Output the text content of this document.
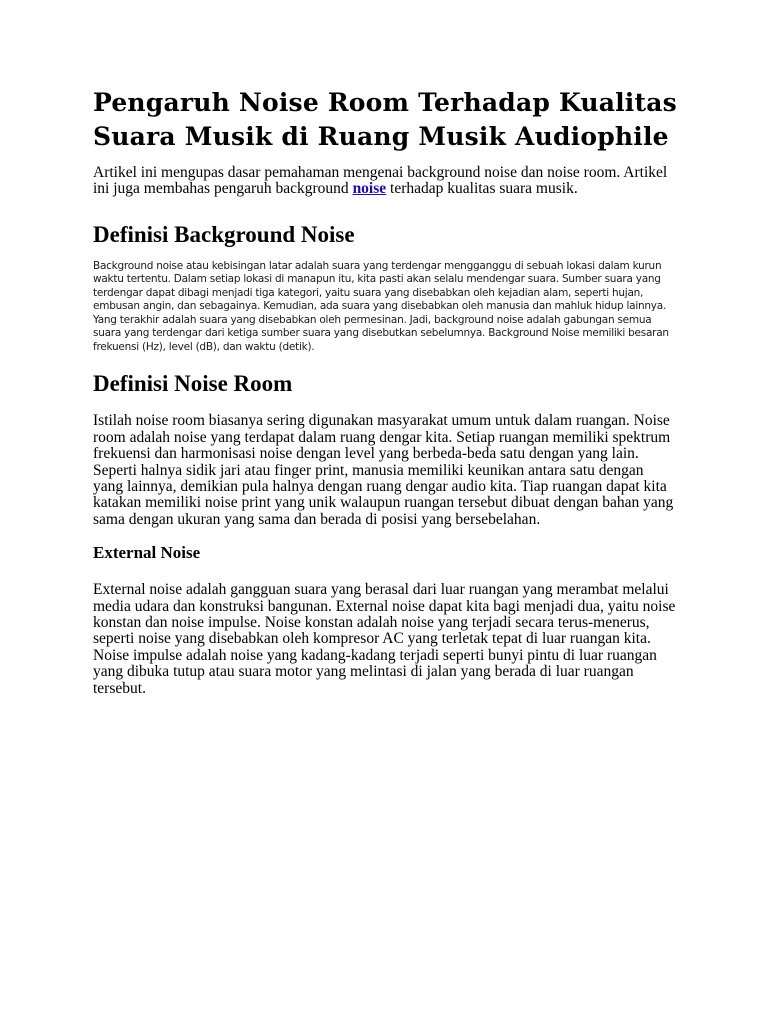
Pengaruh Noise Room Terhadap Kualitas Suara Musik di Ruang Musik Audiophile

Artikel ini mengupas dasar pemahaman mengenai background noise dan noise room. Artikel ini juga membahas pengaruh background noise terhadap kualitas suara musik.

Definisi Background Noise

Background noise atau kebisingan latar adalah suara yang terdengar mengganggu di sebuah lokasi dalam kurun waktu tertentu. Dalam setiap lokasi di manapun itu, kita pasti akan selalu mendengar suara. Sumber suara yang terdengar dapat dibagi menjadi tiga kategori, yaitu suara yang disebabkan oleh kejadian alam, seperti hujan, embusan angin, dan sebagainya. Kemudian, ada suara yang disebabkan oleh manusia dan mahluk hidup lainnya. Yang terakhir adalah suara yang disebabkan oleh permesinan. Jadi, background noise adalah gabungan semua suara yang terdengar dari ketiga sumber suara yang disebutkan sebelumnya. Background Noise memiliki besaran frekuensi (Hz), level (dB), dan waktu (detik).

Definisi Noise Room

Istilah noise room biasanya sering digunakan masyarakat umum untuk dalam ruangan. Noise room adalah noise yang terdapat dalam ruang dengar kita. Setiap ruangan memiliki spektrum frekuensi dan harmonisasi noise dengan level yang berbeda-beda satu dengan yang lain. Seperti halnya sidik jari atau finger print, manusia memiliki keunikan antara satu dengan yang lainnya, demikian pula halnya dengan ruang dengar audio kita. Tiap ruangan dapat kita katakan memiliki noise print yang unik walaupun ruangan tersebut dibuat dengan bahan yang sama dengan ukuran yang sama dan berada di posisi yang bersebelahan.

External Noise

External noise adalah gangguan suara yang berasal dari luar ruangan yang merambat melalui media udara dan konstruksi bangunan. External noise dapat kita bagi menjadi dua, yaitu noise konstan dan noise impulse. Noise konstan adalah noise yang terjadi secara terus-menerus, seperti noise yang disebabkan oleh kompresor AC yang terletak tepat di luar ruangan kita. Noise impulse adalah noise yang kadang-kadang terjadi seperti bunyi pintu di luar ruangan yang dibuka tutup atau suara motor yang melintasi di jalan yang berada di luar ruangan tersebut.
